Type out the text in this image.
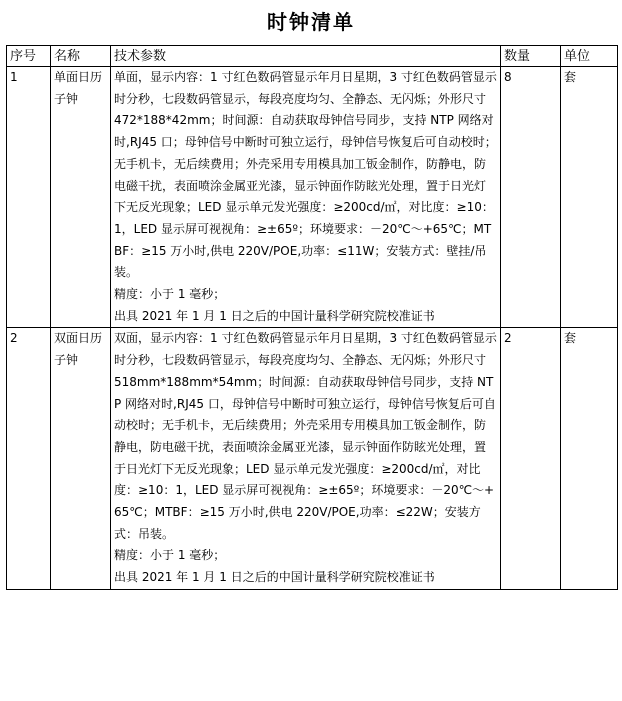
时钟清单
序号	名称	技术参数	数量	单位
1	单面日历子钟	单面，显示内容：1 寸红色数码管显示年月日星期，3 寸红色数码管显示时分秒，七段数码管显示，每段亮度均匀、全静态、无闪烁；外形尺寸 472*188*42mm；时间源：自动获取母钟信号同步，支持 NTP 网络对时,RJ45 口；母钟信号中断时可独立运行，母钟信号恢复后可自动校时；无手机卡，无后续费用；外壳采用专用模具加工钣金制作，防静电，防电磁干扰，表面喷涂金属亚光漆，显示钟面作防眩光处理，置于日光灯下无反光现象；LED 显示单元发光强度：≥200cd/㎡，对比度：≥10：1，LED 显示屏可视视角：≥±65º；环境要求：－20℃～+65℃；MTBF：≥15 万小时,供电 220V/POE,功率：≤11W；安装方式：壁挂/吊装。
精度：小于 1 毫秒；
出具 2021 年 1 月 1 日之后的中国计量科学研究院校准证书	8	套
2	双面日历子钟	双面，显示内容：1 寸红色数码管显示年月日星期，3 寸红色数码管显示时分秒，七段数码管显示，每段亮度均匀、全静态、无闪烁；外形尺寸 518mm*188mm*54mm；时间源：自动获取母钟信号同步，支持 NTP 网络对时,RJ45 口，母钟信号中断时可独立运行，母钟信号恢复后可自动校时；无手机卡，无后续费用；外壳采用专用模具加工钣金制作，防静电，防电磁干扰，表面喷涂金属亚光漆，显示钟面作防眩光处理，置于日光灯下无反光现象；LED 显示单元发光强度：≥200cd/㎡，对比度：≥10：1，LED 显示屏可视视角：≥±65º；环境要求：－20℃～+65℃；MTBF：≥15 万小时,供电 220V/POE,功率：≤22W；安装方式：吊装。
精度：小于 1 毫秒；
出具 2021 年 1 月 1 日之后的中国计量科学研究院校准证书	2	套
